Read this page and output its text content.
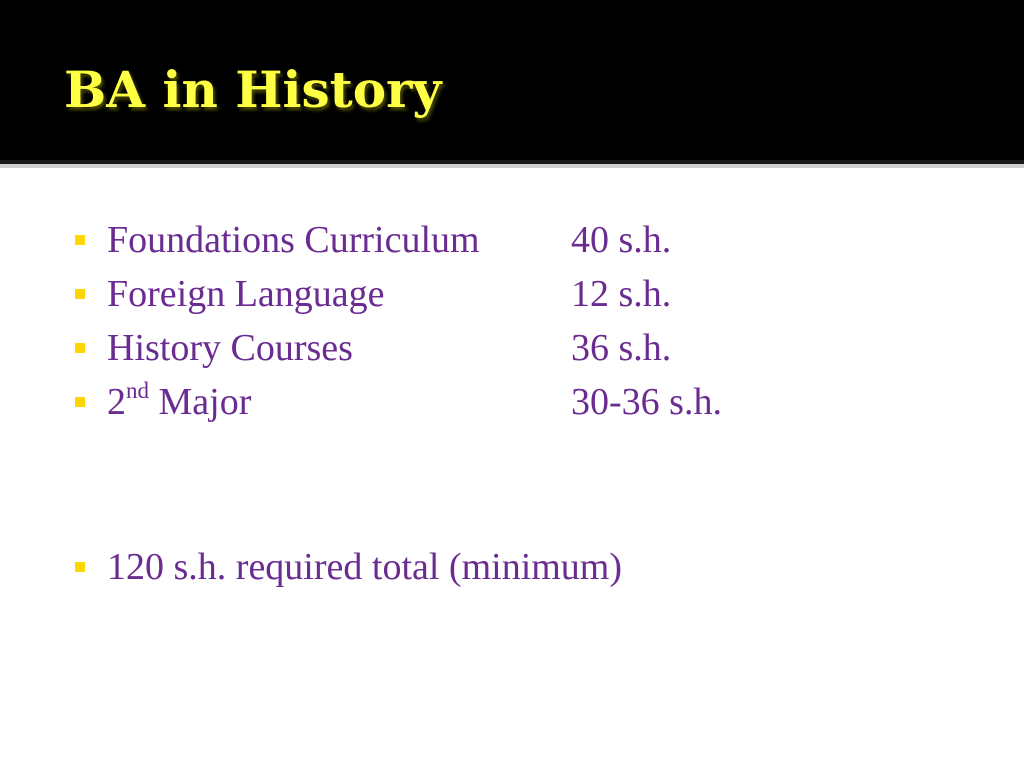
BA in History
Foundations Curriculum 40 s.h.
Foreign Language	12 s.h.
History Courses	36 s.h.
2nd Major	30-36 s.h.
120 s.h. required total (minimum)
